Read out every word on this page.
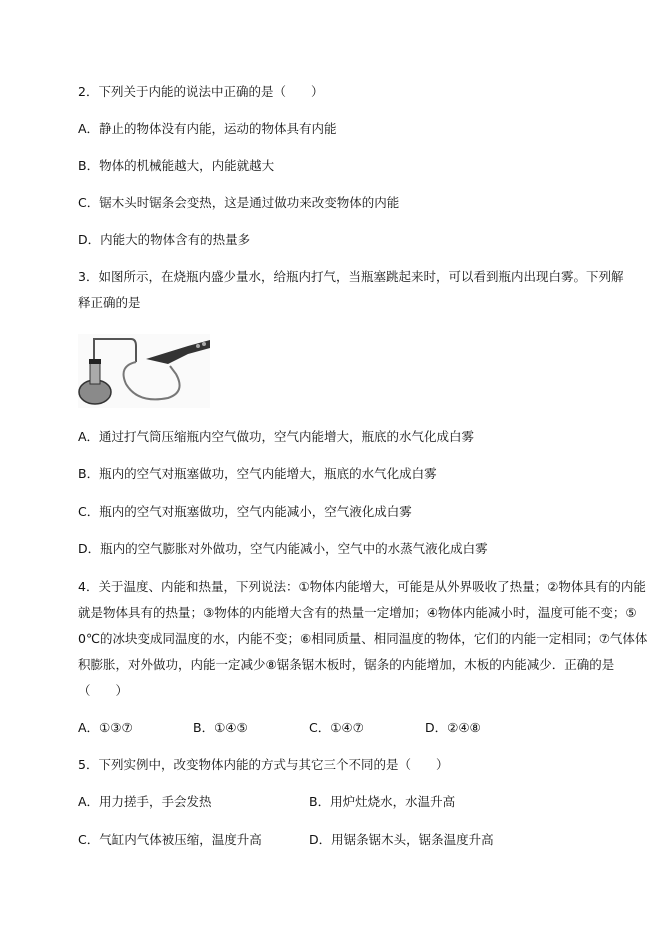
2．下列关于内能的说法中正确的是（　　）
A．静止的物体没有内能，运动的物体具有内能
B．物体的机械能越大，内能就越大
C．锯木头时锯条会变热，这是通过做功来改变物体的内能
D．内能大的物体含有的热量多
3．如图所示，在烧瓶内盛少量水，给瓶内打气，当瓶塞跳起来时，可以看到瓶内出现白雾。下列解
释正确的是
A．通过打气筒压缩瓶内空气做功，空气内能增大，瓶底的水气化成白雾
B．瓶内的空气对瓶塞做功，空气内能增大，瓶底的水气化成白雾
C．瓶内的空气对瓶塞做功，空气内能减小，空气液化成白雾
D．瓶内的空气膨胀对外做功，空气内能减小，空气中的水蒸气液化成白雾
4．关于温度、内能和热量，下列说法：①物体内能增大，可能是从外界吸收了热量；②物体具有的内能
就是物体具有的热量；③物体的内能增大含有的热量一定增加；④物体内能减小时，温度可能不变；⑤
0℃的冰块变成同温度的水，内能不变；⑥相同质量、相同温度的物体，它们的内能一定相同；⑦气体体
积膨胀，对外做功，内能一定减少⑧锯条锯木板时，锯条的内能增加，木板的内能减少．正确的是
（　　）
A．①③⑦	B．①④⑤	C．①④⑦	D．②④⑧
5．下列实例中，改变物体内能的方式与其它三个不同的是（　　）
A．用力搓手，手会发热	B．用炉灶烧水，水温升高
C．气缸内气体被压缩，温度升高	D．用锯条锯木头，锯条温度升高
